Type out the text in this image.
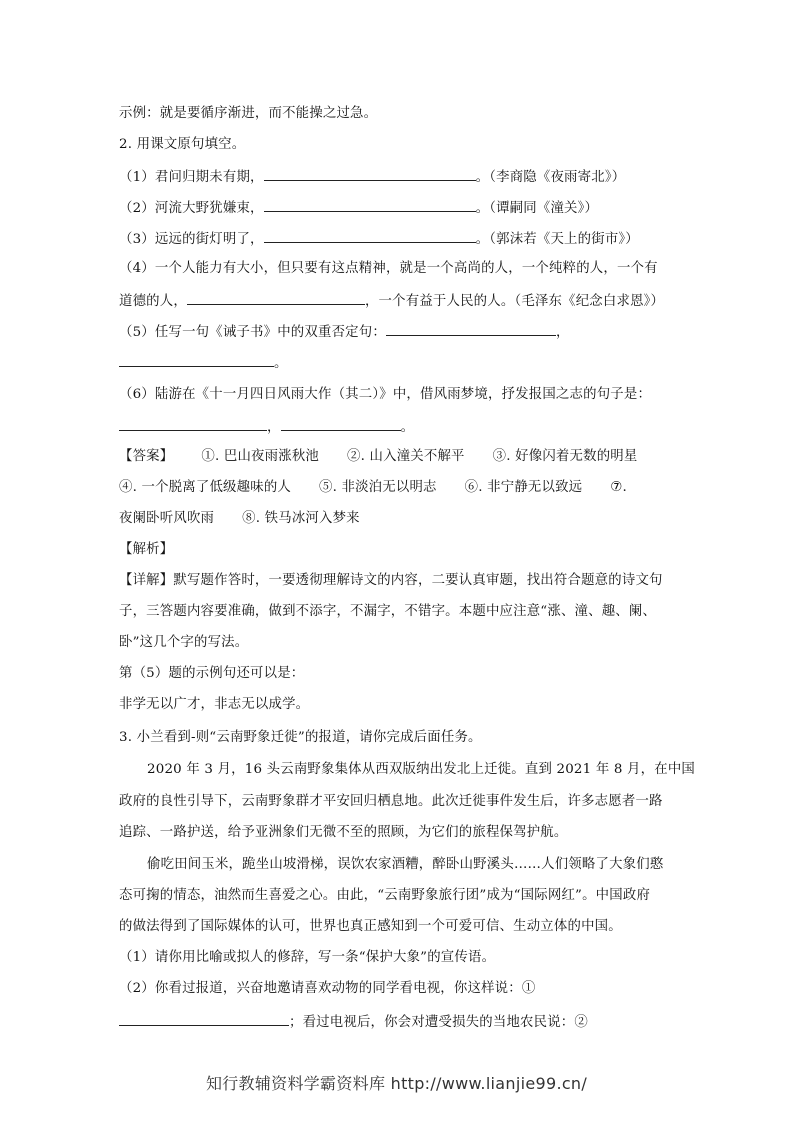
示例：就是要循序渐进，而不能操之过急。
2. 用课文原句填空。
（1）君问归期未有期，	。（李商隐《夜雨寄北》）
（2）河流大野犹嫌束，	。（谭嗣同《潼关》）
（3）远远的街灯明了，	。（郭沫若《天上的街市》）
（4）一个人能力有大小，但只要有这点精神，就是一个高尚的人，一个纯粹的人，一个有
道德的人，	，一个有益于人民的人。（毛泽东《纪念白求恩》）
（5）任写一句《诫子书》中的双重否定句：	，
。
（6）陆游在《十一月四日风雨大作（其二）》中，借风雨梦境，抒发报国之志的句子是：
，	。
【答案】 ①. 巴山夜雨涨秋池 ②. 山入潼关不解平 ③. 好像闪着无数的明星
④. 一个脱离了低级趣味的人 ⑤. 非淡泊无以明志 ⑥. 非宁静无以致远 ⑦.
夜阑卧听风吹雨 ⑧. 铁马冰河入梦来
【解析】
【详解】默写题作答时，一要透彻理解诗文的内容，二要认真审题，找出符合题意的诗文句
子，三答题内容要准确，做到不添字，不漏字，不错字。本题中应注意“涨、潼、趣、阑、
卧”这几个字的写法。
第（5）题的示例句还可以是：
非学无以广才，非志无以成学。
3. 小兰看到-则“云南野象迁徙”的报道，请你完成后面任务。
2020 年 3 月，16 头云南野象集体从西双版纳出发北上迁徙。直到 2021 年 8 月，在中国
政府的良性引导下，云南野象群才平安回归栖息地。此次迁徙事件发生后，许多志愿者一路
追踪、一路护送，给予亚洲象们无微不至的照顾，为它们的旅程保驾护航。
偷吃田间玉米，跪坐山坡滑梯，误饮农家酒糟，醉卧山野溪头……人们领略了大象们憨
态可掬的情态，油然而生喜爱之心。由此，“云南野象旅行团”成为“国际网红”。中国政府
的做法得到了国际媒体的认可，世界也真正感知到一个可爱可信、生动立体的中国。
（1）请你用比喻或拟人的修辞，写一条“保护大象”的宣传语。
（2）你看过报道，兴奋地邀请喜欢动物的同学看电视，你这样说：①
；看过电视后，你会对遭受损失的当地农民说：②
知行教辅资料学霸资料库 http://www.lianjie99.cn/
